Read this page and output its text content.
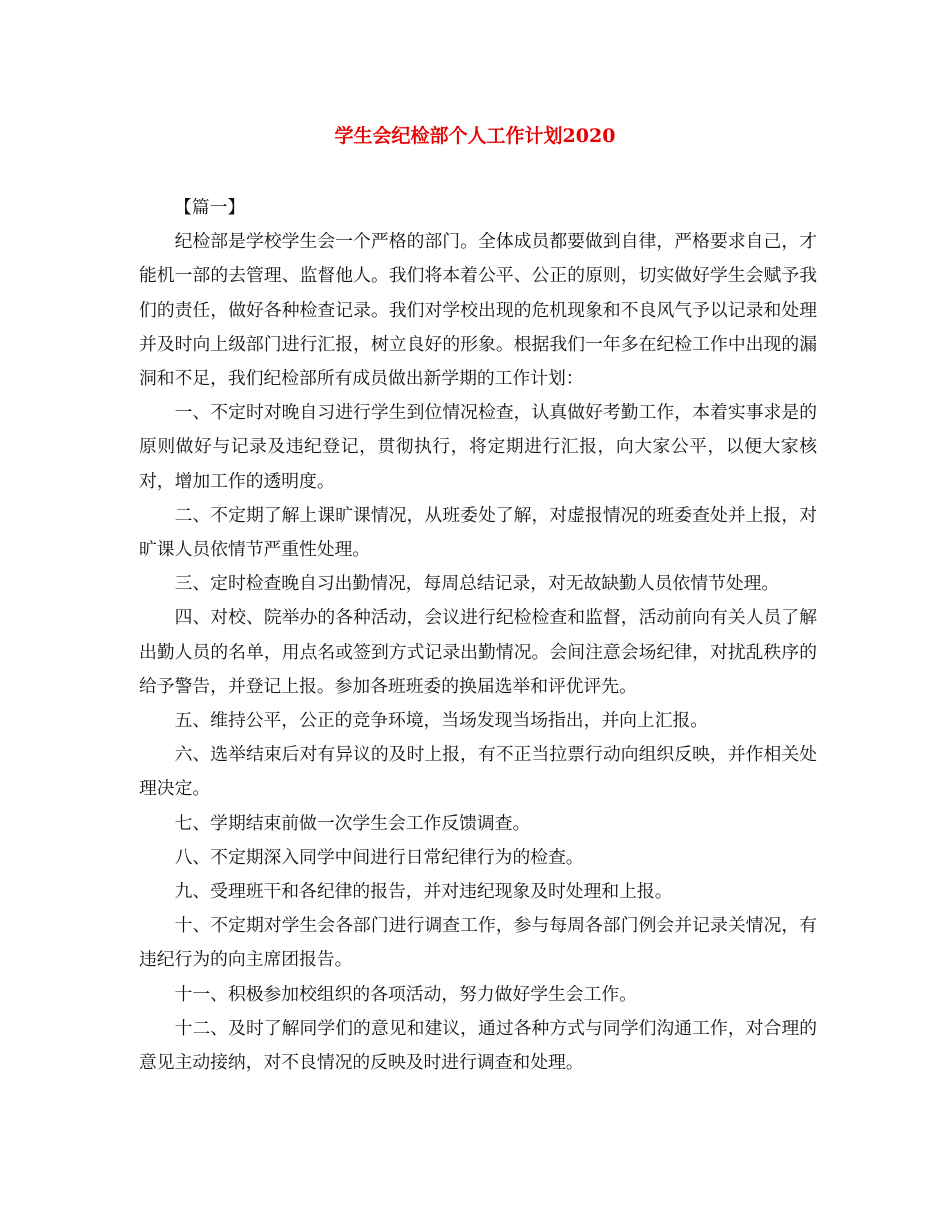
学生会纪检部个人工作计划2020
【篇一】

纪检部是学校学生会一个严格的部门。全体成员都要做到自律，严格要求自己，才能机一部的去管理、监督他人。我们将本着公平、公正的原则，切实做好学生会赋予我们的责任，做好各种检查记录。我们对学校出现的危机现象和不良风气予以记录和处理并及时向上级部门进行汇报，树立良好的形象。根据我们一年多在纪检工作中出现的漏洞和不足，我们纪检部所有成员做出新学期的工作计划：

一、不定时对晚自习进行学生到位情况检查，认真做好考勤工作，本着实事求是的原则做好与记录及违纪登记，贯彻执行，将定期进行汇报，向大家公平，以便大家核对，增加工作的透明度。

二、不定期了解上课旷课情况，从班委处了解，对虚报情况的班委查处并上报，对旷课人员依情节严重性处理。

三、定时检查晚自习出勤情况，每周总结记录，对无故缺勤人员依情节处理。

四、对校、院举办的各种活动，会议进行纪检检查和监督，活动前向有关人员了解出勤人员的名单，用点名或签到方式记录出勤情况。会间注意会场纪律，对扰乱秩序的给予警告，并登记上报。参加各班班委的换届选举和评优评先。

五、维持公平，公正的竞争环境，当场发现当场指出，并向上汇报。

六、选举结束后对有异议的及时上报，有不正当拉票行动向组织反映，并作相关处理决定。

七、学期结束前做一次学生会工作反馈调查。

八、不定期深入同学中间进行日常纪律行为的检查。

九、受理班干和各纪律的报告，并对违纪现象及时处理和上报。

十、不定期对学生会各部门进行调查工作，参与每周各部门例会并记录关情况，有违纪行为的向主席团报告。

十一、积极参加校组织的各项活动，努力做好学生会工作。

十二、及时了解同学们的意见和建议，通过各种方式与同学们沟通工作，对合理的意见主动接纳，对不良情况的反映及时进行调查和处理。
